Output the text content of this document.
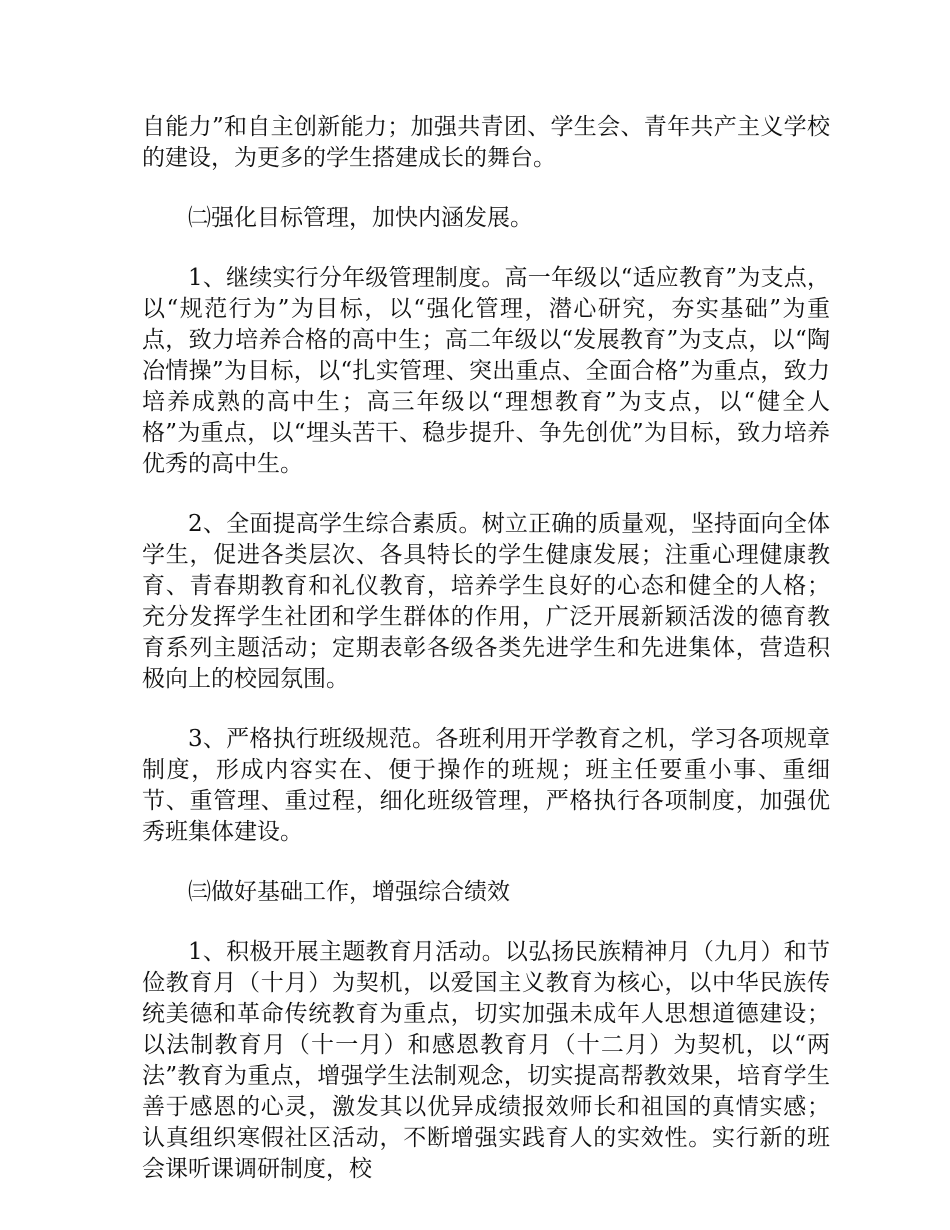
自能力”和自主创新能力；加强共青团、学生会、青年共产主义学校的建设，为更多的学生搭建成长的舞台。

㈡强化目标管理，加快内涵发展。

1、继续实行分年级管理制度。高一年级以“适应教育”为支点，以“规范行为”为目标，以“强化管理，潜心研究，夯实基础”为重点，致力培养合格的高中生；高二年级以“发展教育”为支点，以“陶冶情操”为目标，以“扎实管理、突出重点、全面合格”为重点，致力培养成熟的高中生；高三年级以“理想教育”为支点，以“健全人格”为重点，以“埋头苦干、稳步提升、争先创优”为目标，致力培养优秀的高中生。

2、全面提高学生综合素质。树立正确的质量观，坚持面向全体学生，促进各类层次、各具特长的学生健康发展；注重心理健康教育、青春期教育和礼仪教育，培养学生良好的心态和健全的人格；充分发挥学生社团和学生群体的作用，广泛开展新颖活泼的德育教育系列主题活动；定期表彰各级各类先进学生和先进集体，营造积极向上的校园氛围。

3、严格执行班级规范。各班利用开学教育之机，学习各项规章制度，形成内容实在、便于操作的班规；班主任要重小事、重细节、重管理、重过程，细化班级管理，严格执行各项制度，加强优秀班集体建设。

㈢做好基础工作，增强综合绩效

1、积极开展主题教育月活动。以弘扬民族精神月（九月）和节俭教育月（十月）为契机，以爱国主义教育为核心，以中华民族传统美德和革命传统教育为重点，切实加强未成年人思想道德建设；以法制教育月（十一月）和感恩教育月（十二月）为契机，以“两法”教育为重点，增强学生法制观念，切实提高帮教效果，培育学生善于感恩的心灵，激发其以优异成绩报效师长和祖国的真情实感；认真组织寒假社区活动，不断增强实践育人的实效性。实行新的班会课听课调研制度，校
